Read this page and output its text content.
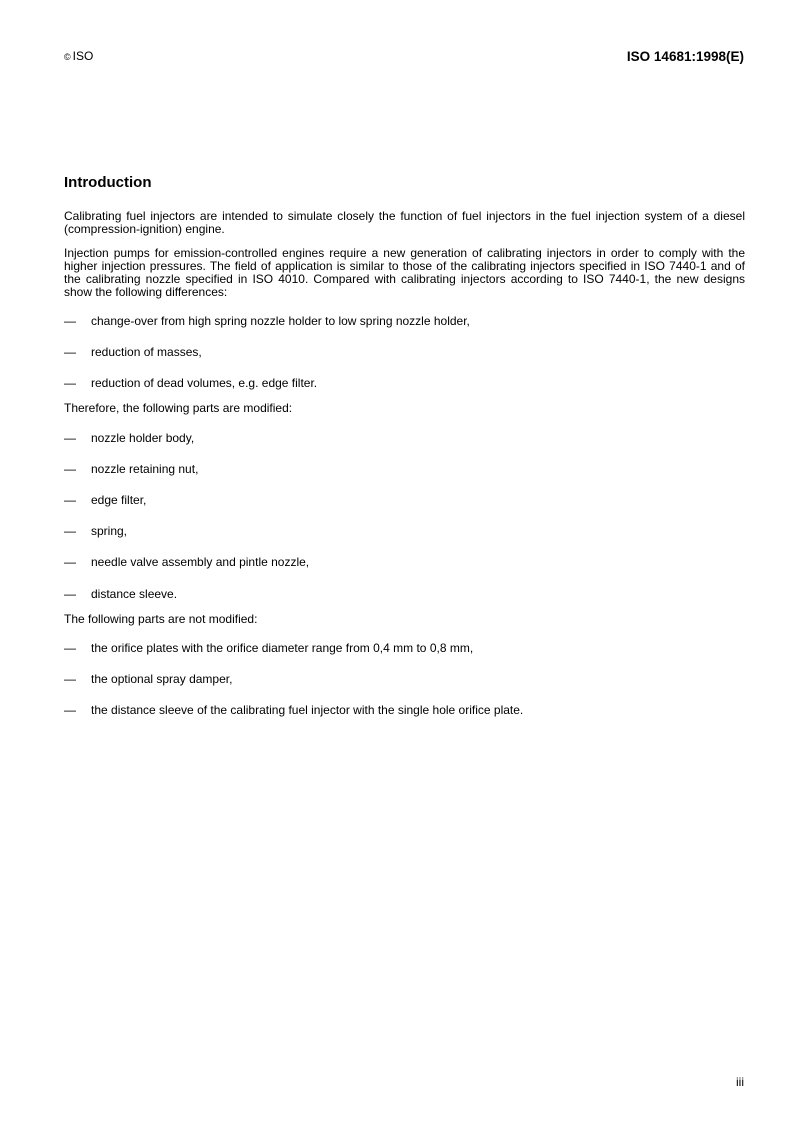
© ISO	ISO 14681:1998(E)
Introduction

Calibrating fuel injectors are intended to simulate closely the function of fuel injectors in the fuel injection system of a diesel (compression-ignition) engine.

Injection pumps for emission-controlled engines require a new generation of calibrating injectors in order to comply with the higher injection pressures. The field of application is similar to those of the calibrating injectors specified in ISO 7440-1 and of the calibrating nozzle specified in ISO 4010. Compared with calibrating injectors according to ISO 7440-1, the new designs show the following differences:

— change-over from high spring nozzle holder to low spring nozzle holder,
— reduction of masses,
— reduction of dead volumes, e.g. edge filter.

Therefore, the following parts are modified:

— nozzle holder body,
— nozzle retaining nut,
— edge filter,
— spring,
— needle valve assembly and pintle nozzle,
— distance sleeve.

The following parts are not modified:

— the orifice plates with the orifice diameter range from 0,4 mm to 0,8 mm,
— the optional spray damper,
— the distance sleeve of the calibrating fuel injector with the single hole orifice plate.
iii
